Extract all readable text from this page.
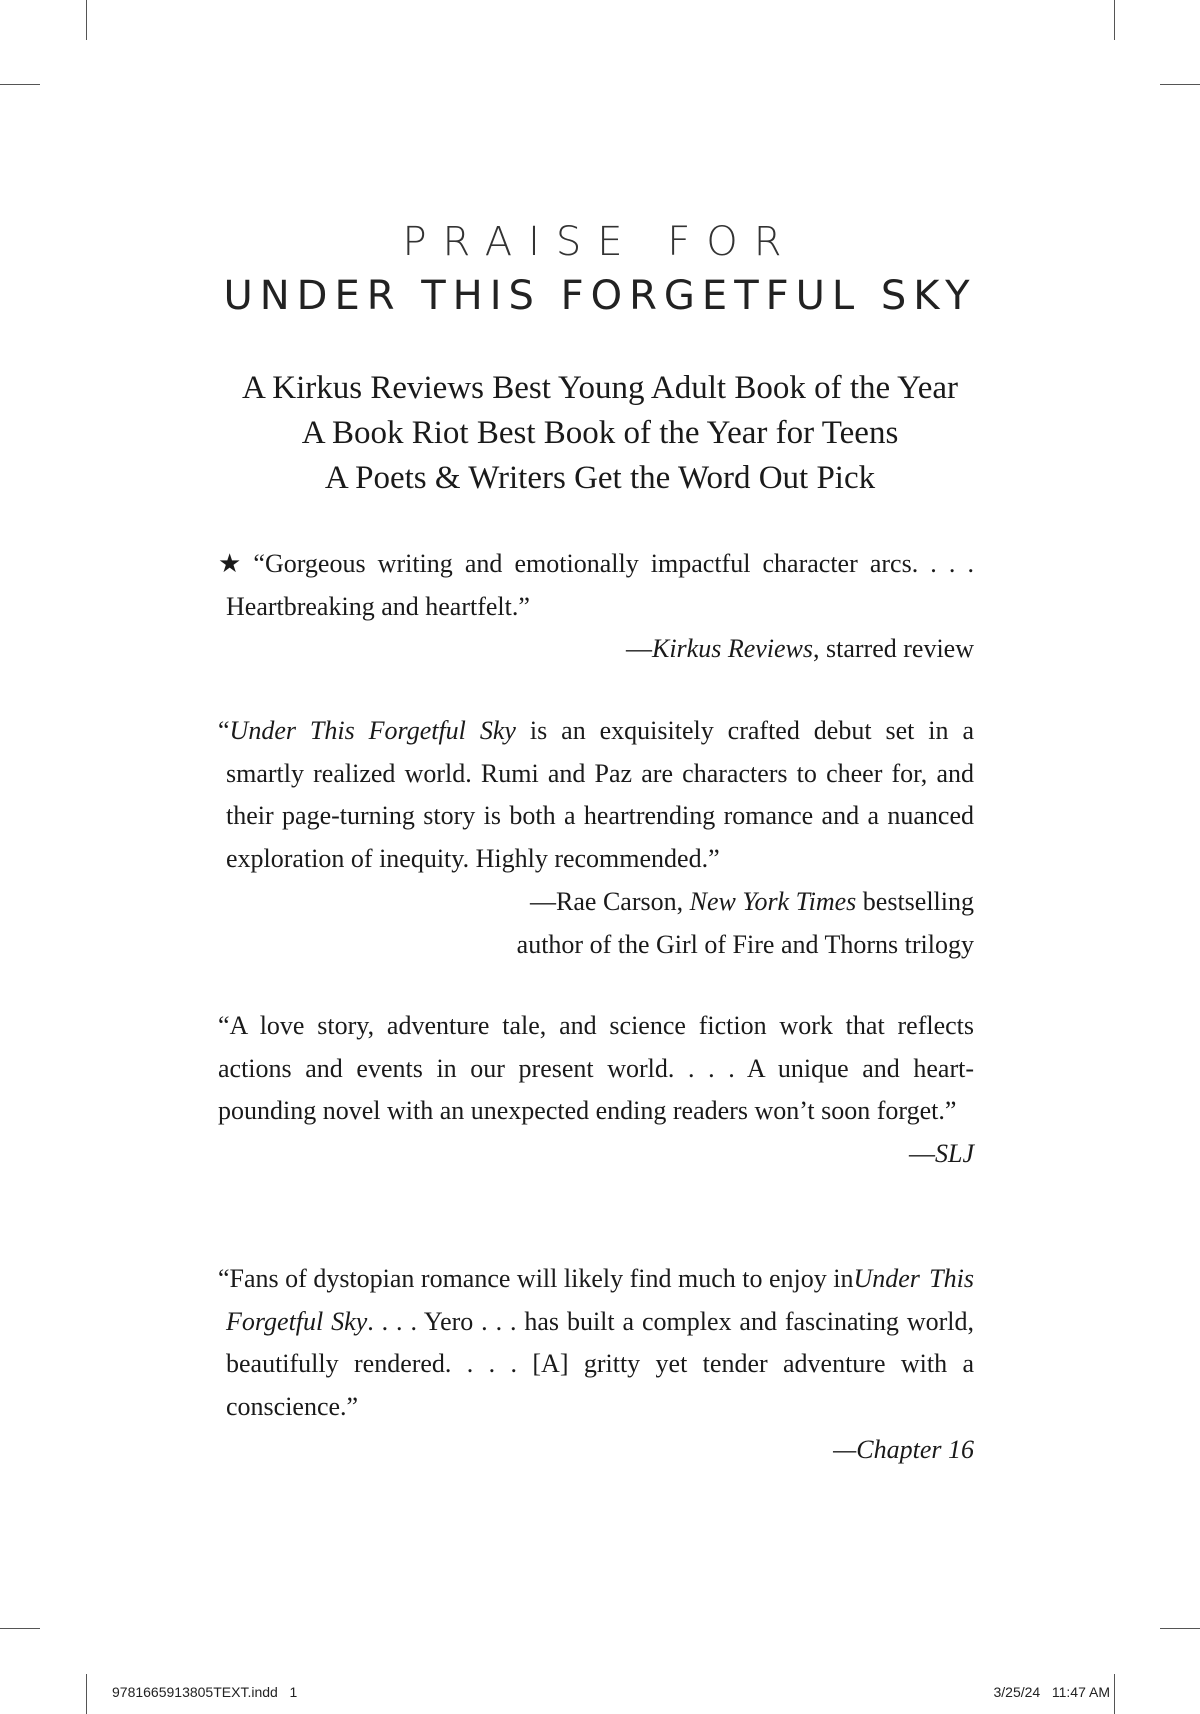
PRAISE FOR
UNDER THIS FORGETFUL SKY
A Kirkus Reviews Best Young Adult Book of the Year
A Book Riot Best Book of the Year for Teens
A Poets & Writers Get the Word Out Pick
★ “Gorgeous writing and emotionally impactful character arcs. . . . Heartbreaking and heartfelt.”
—Kirkus Reviews, starred review
“Under This Forgetful Sky is an exquisitely crafted debut set in a smartly realized world. Rumi and Paz are characters to cheer for, and their page-turning story is both a heartrending romance and a nuanced exploration of inequity. Highly recommended.”
—Rae Carson, New York Times bestselling
author of the Girl of Fire and Thorns trilogy
“A love story, adventure tale, and science fiction work that reflects actions and events in our present world. . . . A unique and heart-pounding novel with an unexpected ending readers won’t soon forget.”
—SLJ
“Fans of dystopian romance will likely find much to enjoy inUnder This Forgetful Sky. . . . Yero . . . has built a complex and fascinating world, beautifully rendered. . . . [A] gritty yet tender adventure with a conscience.”
—Chapter 16
9781665913805TEXT.indd   1	3/25/24   11:47 AM
